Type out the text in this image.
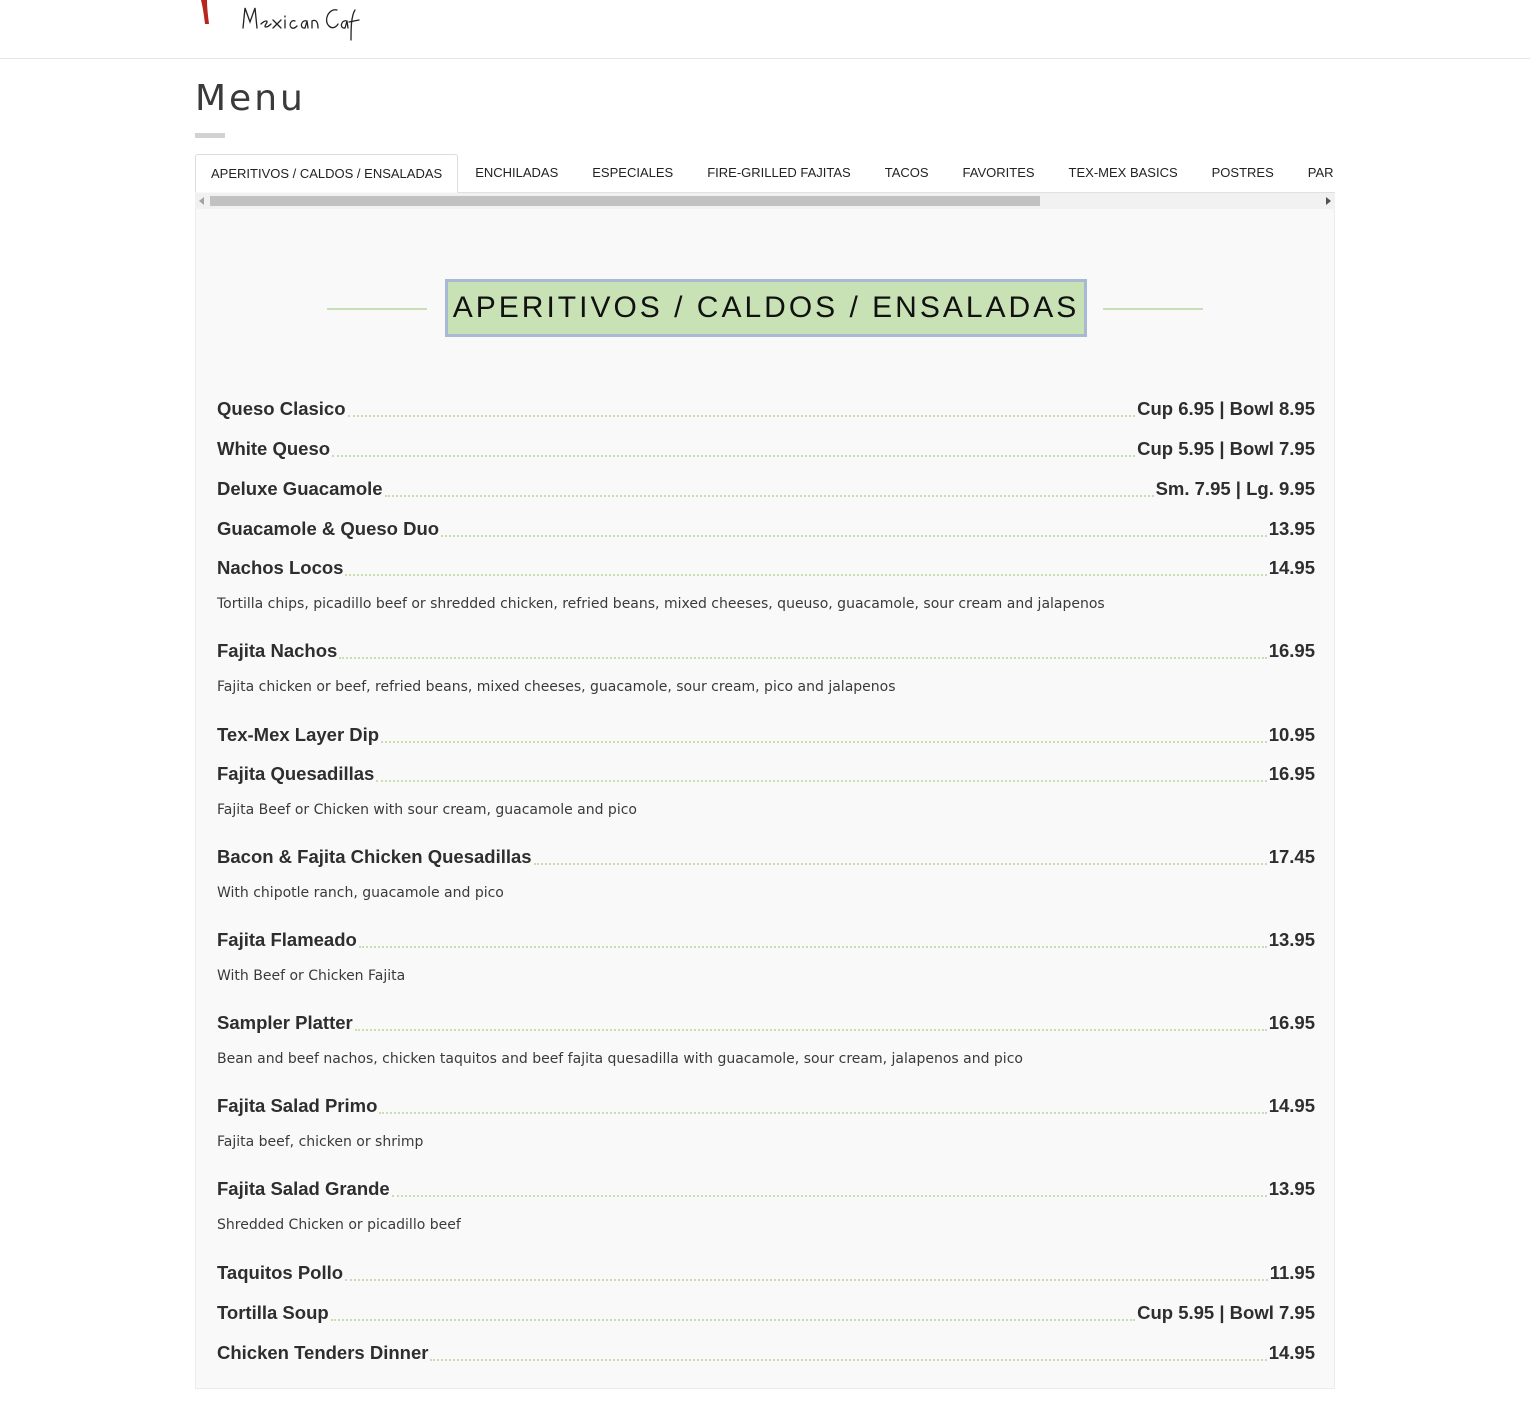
Menu
APERITIVOS / CALDOS / ENSALADAS	ENCHILADAS	ESPECIALES	FIRE-GRILLED FAJITAS	TACOS	FAVORITES	TEX-MEX BASICS	POSTRES	PAR
APERITIVOS / CALDOS / ENSALADAS
Queso Clasico	Cup 6.95 | Bowl 8.95
White Queso	Cup 5.95 | Bowl 7.95
Deluxe Guacamole	Sm. 7.95 | Lg. 9.95
Guacamole & Queso Duo	13.95
Nachos Locos	14.95
Tortilla chips, picadillo beef or shredded chicken, refried beans, mixed cheeses, queuso, guacamole, sour cream and jalapenos
Fajita Nachos	16.95
Fajita chicken or beef, refried beans, mixed cheeses, guacamole, sour cream, pico and jalapenos
Tex-Mex Layer Dip	10.95
Fajita Quesadillas	16.95
Fajita Beef or Chicken with sour cream, guacamole and pico
Bacon & Fajita Chicken Quesadillas	17.45
With chipotle ranch, guacamole and pico
Fajita Flameado	13.95
With Beef or Chicken Fajita
Sampler Platter	16.95
Bean and beef nachos, chicken taquitos and beef fajita quesadilla with guacamole, sour cream, jalapenos and pico
Fajita Salad Primo	14.95
Fajita beef, chicken or shrimp
Fajita Salad Grande	13.95
Shredded Chicken or picadillo beef
Taquitos Pollo	11.95
Tortilla Soup	Cup 5.95 | Bowl 7.95
Chicken Tenders Dinner	14.95
